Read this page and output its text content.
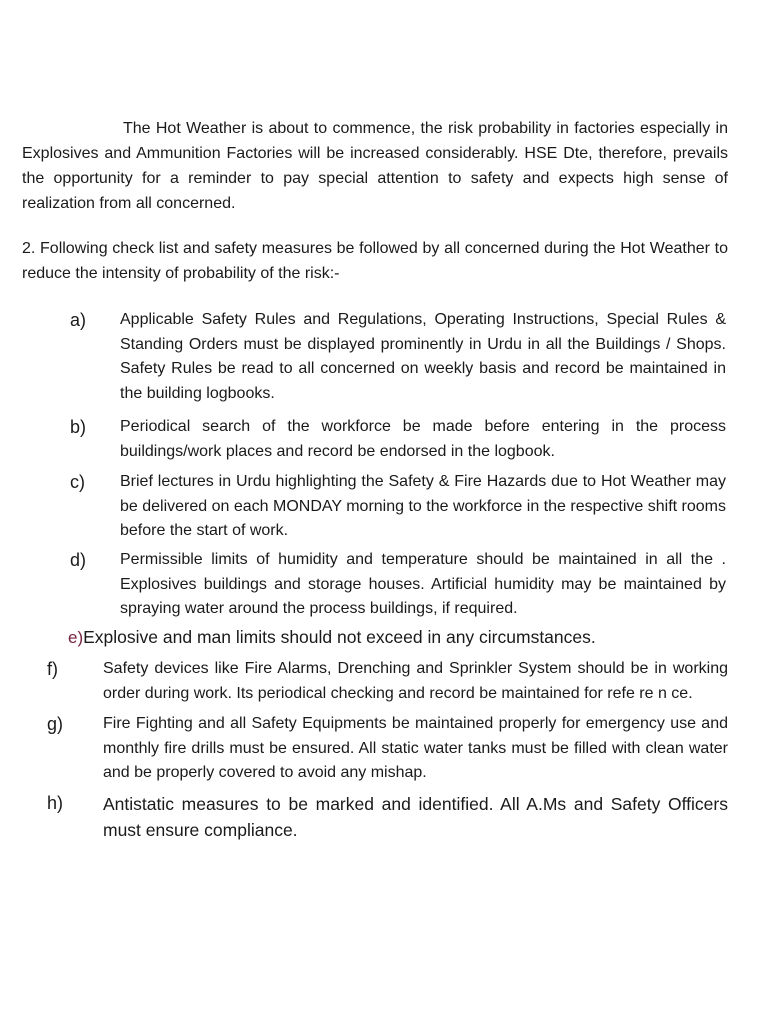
The Hot Weather is about to commence, the risk probability in factories especially in Explosives and Ammunition Factories will be increased considerably. HSE Dte, therefore, prevails the opportunity for a reminder to pay special attention to safety and expects high sense of realization from all concerned.

2. Following check list and safety measures be followed by all concerned during the Hot Weather to reduce the intensity of probability of the risk:-

a) Applicable Safety Rules and Regulations, Operating Instructions, Special Rules & Standing Orders must be displayed prominently in Urdu in all the Buildings / Shops. Safety Rules be read to all concerned on weekly basis and record be maintained in the building logbooks.
b) Periodical search of the workforce be made before entering in the process buildings/work places and record be endorsed in the logbook.
c) Brief lectures in Urdu highlighting the Safety & Fire Hazards due to Hot Weather may be delivered on each MONDAY morning to the workforce in the respective shift rooms before the start of work.
d) Permissible limits of humidity and temperature should be maintained in all the . Explosives buildings and storage houses. Artificial humidity may be maintained by spraying water around the process buildings, if required.
e)Explosive and man limits should not exceed in any circumstances.
f)	Safety devices like Fire Alarms, Drenching and Sprinkler System should be in working order during work. Its periodical checking and record be maintained for refe re n ce.
g) Fire Fighting and all Safety Equipments be maintained properly for emergency use and monthly fire drills must be ensured. All static water tanks must be filled with clean water and be properly covered to avoid any mishap.
h) Antistatic measures to be marked and identified. All A.Ms and Safety Officers must ensure compliance.
